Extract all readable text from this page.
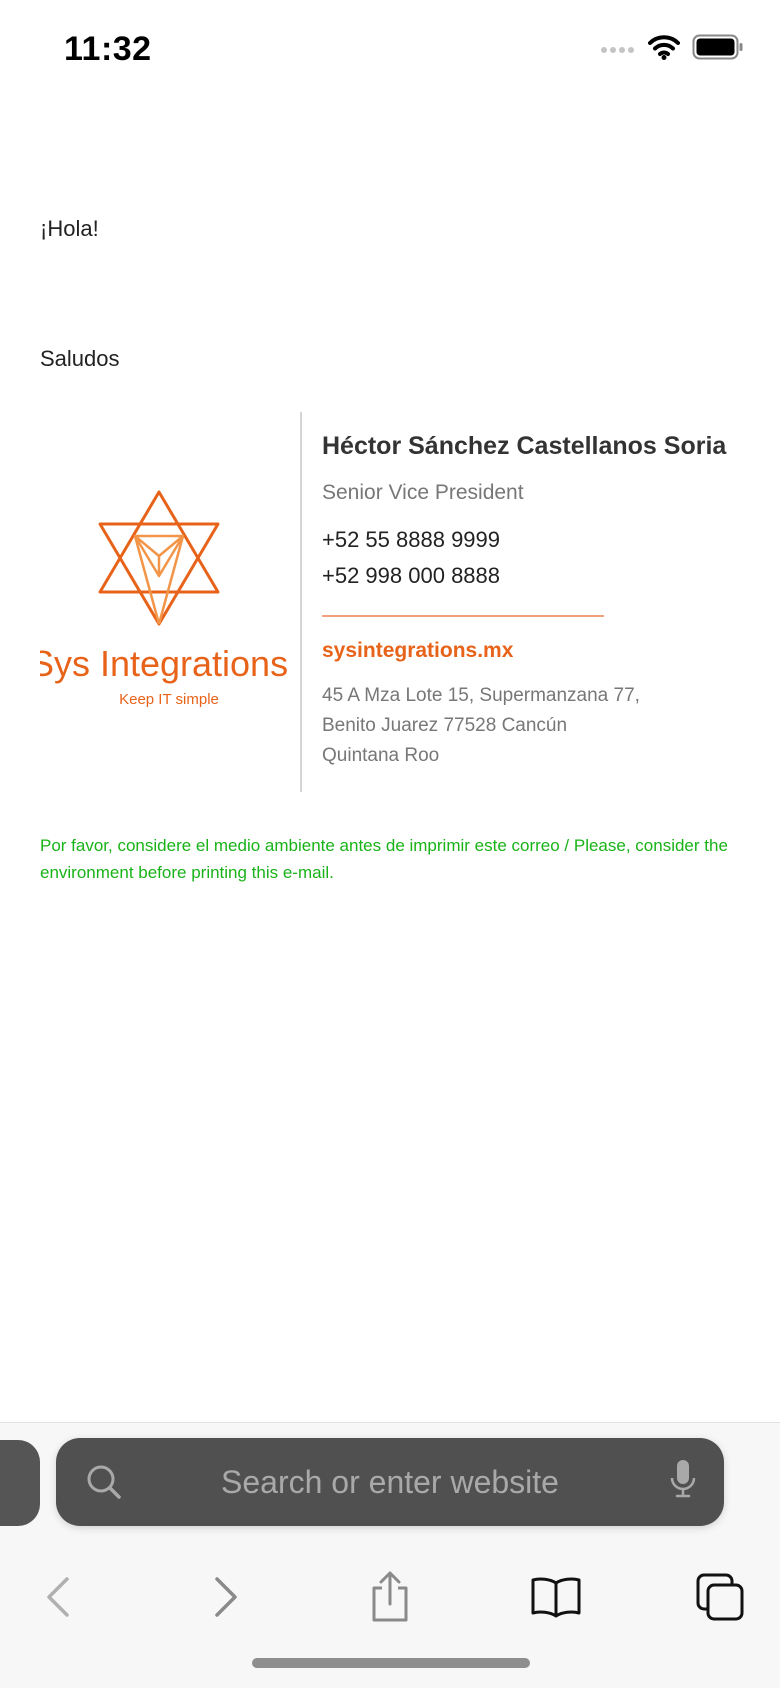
11:32
¡Hola!
Saludos
Sys Integrations
Keep IT simple
Héctor Sánchez Castellanos Soria
Senior Vice President
+52 55 8888 9999
+52 998 000 8888
sysintegrations.mx
45 A Mza Lote 15, Supermanzana 77,
Benito Juarez 77528 Cancún
Quintana Roo
Por favor, considere el medio ambiente antes de imprimir este correo / Please, consider the environment before printing this e-mail.
Search or enter website
